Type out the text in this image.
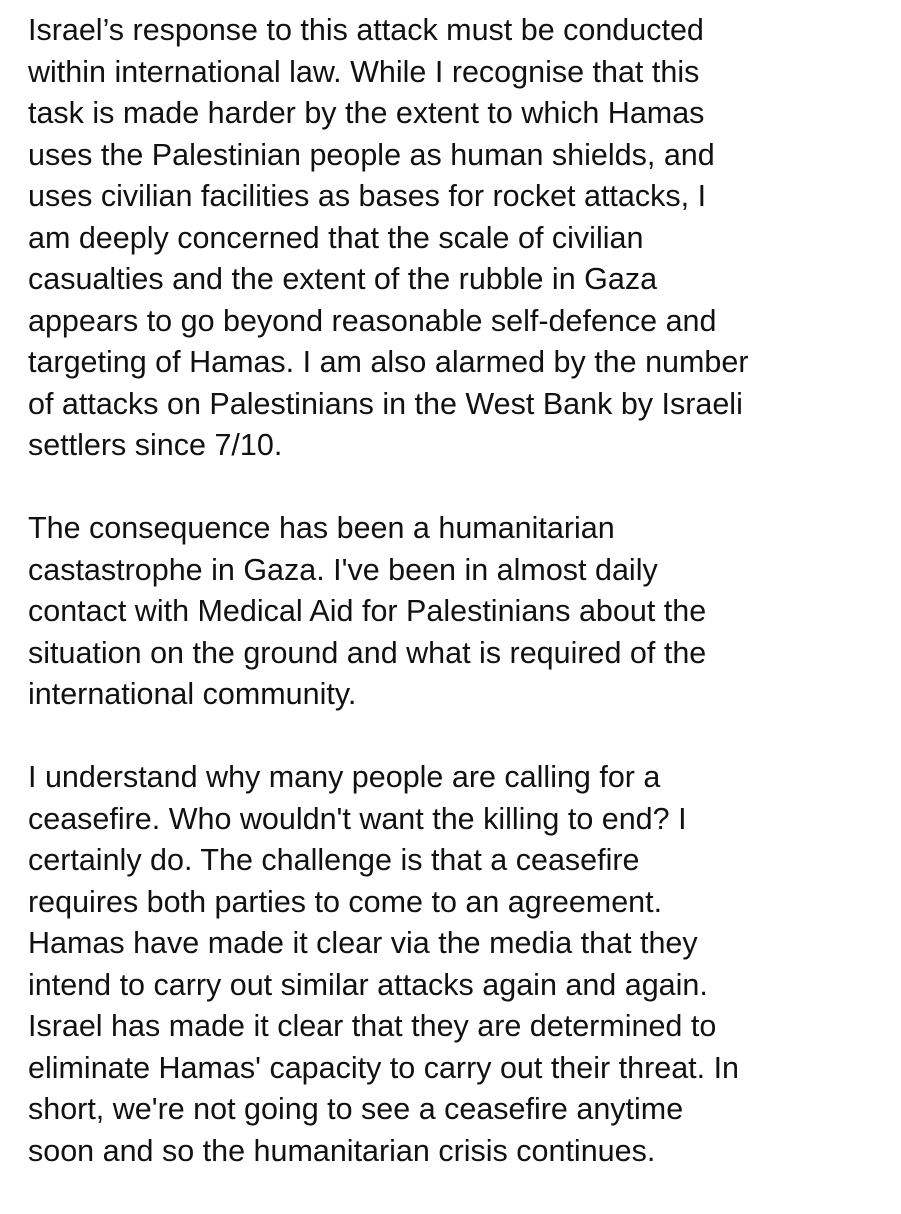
Israel’s response to this attack must be conducted
within international law. While I recognise that this
task is made harder by the extent to which Hamas
uses the Palestinian people as human shields, and
uses civilian facilities as bases for rocket attacks, I
am deeply concerned that the scale of civilian
casualties and the extent of the rubble in Gaza
appears to go beyond reasonable self-defence and
targeting of Hamas. I am also alarmed by the number
of attacks on Palestinians in the West Bank by Israeli
settlers since 7/10.

The consequence has been a humanitarian
castastrophe in Gaza. I've been in almost daily
contact with Medical Aid for Palestinians about the
situation on the ground and what is required of the
international community.

I understand why many people are calling for a
ceasefire. Who wouldn't want the killing to end? I
certainly do. The challenge is that a ceasefire
requires both parties to come to an agreement.
Hamas have made it clear via the media that they
intend to carry out similar attacks again and again.
Israel has made it clear that they are determined to
eliminate Hamas' capacity to carry out their threat. In
short, we're not going to see a ceasefire anytime
soon and so the humanitarian crisis continues.
